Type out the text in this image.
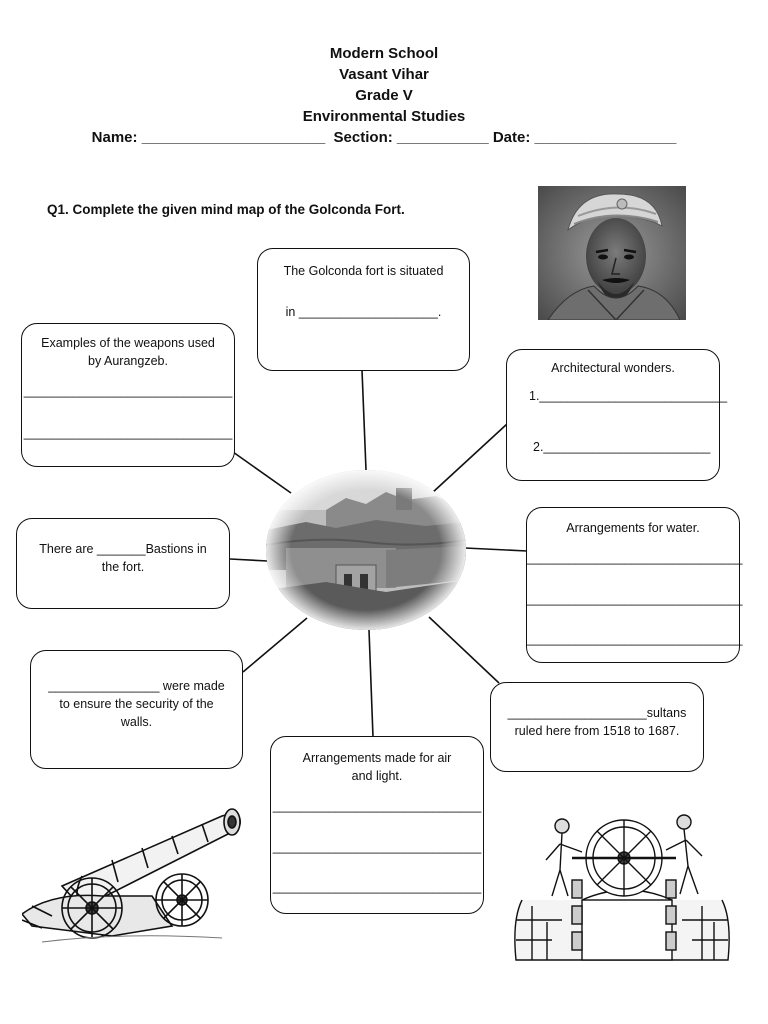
Modern School
Vasant Vihar
Grade V
Environmental Studies
Name: ______________________  Section: ___________ Date: _________________
Q1. Complete the given mind map of the Golconda Fort.
The Golconda fort is situated
in ____________________.
Examples of the weapons used
by Aurangzeb.
______________________________
______________________________
Architectural wonders.
1.___________________________
2.________________________
There are _______Bastions in
the fort.
Arrangements for water.
_______________________________
_______________________________
_______________________________
________________ were made
to ensure the security of the
walls.
____________________sultans
ruled here from 1518 to 1687.
Arrangements made for air
and light.
______________________________
______________________________
______________________________
